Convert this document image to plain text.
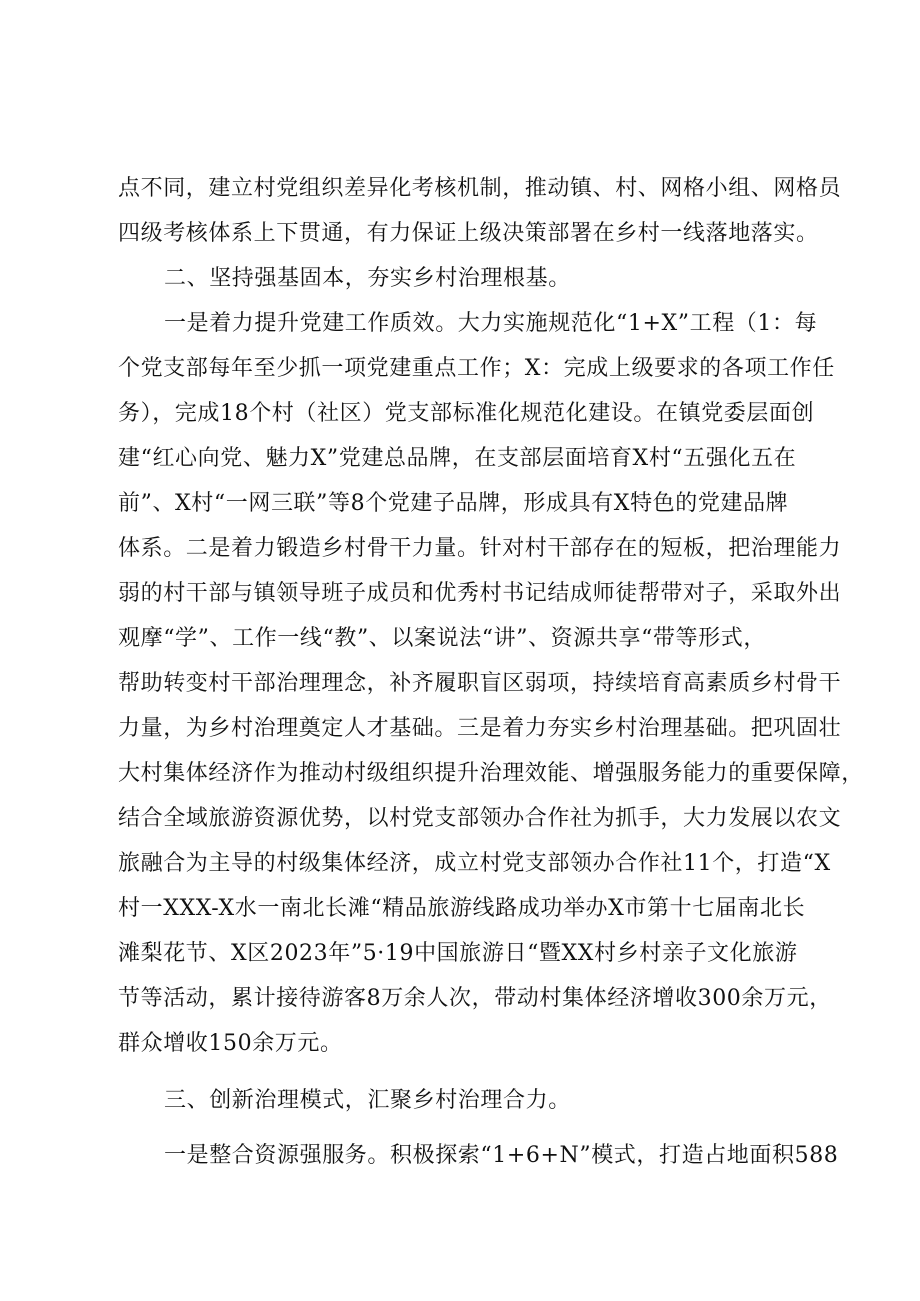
点不同，建立村党组织差异化考核机制，推动镇、村、网格小组、网格员
四级考核体系上下贯通，有力保证上级决策部署在乡村一线落地落实。
二、坚持强基固本，夯实乡村治理根基。
一是着力提升党建工作质效。大力实施规范化“1+X”工程（1：每
个党支部每年至少抓一项党建重点工作；X：完成上级要求的各项工作任
务），完成18个村（社区）党支部标准化规范化建设。在镇党委层面创
建“红心向党、魅力X”党建总品牌，在支部层面培育X村“五强化五在
前”、X村“一网三联”等8个党建子品牌，形成具有X特色的党建品牌
体系。二是着力锻造乡村骨干力量。针对村干部存在的短板，把治理能力
弱的村干部与镇领导班子成员和优秀村书记结成师徒帮带对子，采取外出
观摩“学”、工作一线“教”、以案说法“讲”、资源共享“带等形式，
帮助转变村干部治理理念，补齐履职盲区弱项，持续培育高素质乡村骨干
力量，为乡村治理奠定人才基础。三是着力夯实乡村治理基础。把巩固壮
大村集体经济作为推动村级组织提升治理效能、增强服务能力的重要保障，
结合全域旅游资源优势，以村党支部领办合作社为抓手，大力发展以农文
旅融合为主导的村级集体经济，成立村党支部领办合作社11个，打造“X
村一XXX-X水一南北长滩“精品旅游线路成功举办X市第十七届南北长
滩梨花节、X区2023年”5·19中国旅游日“暨XX村乡村亲子文化旅游
节等活动，累计接待游客8万余人次，带动村集体经济增收300余万元，
群众增收150余万元。
三、创新治理模式，汇聚乡村治理合力。
一是整合资源强服务。积极探索“1+6+N”模式，打造占地面积588
